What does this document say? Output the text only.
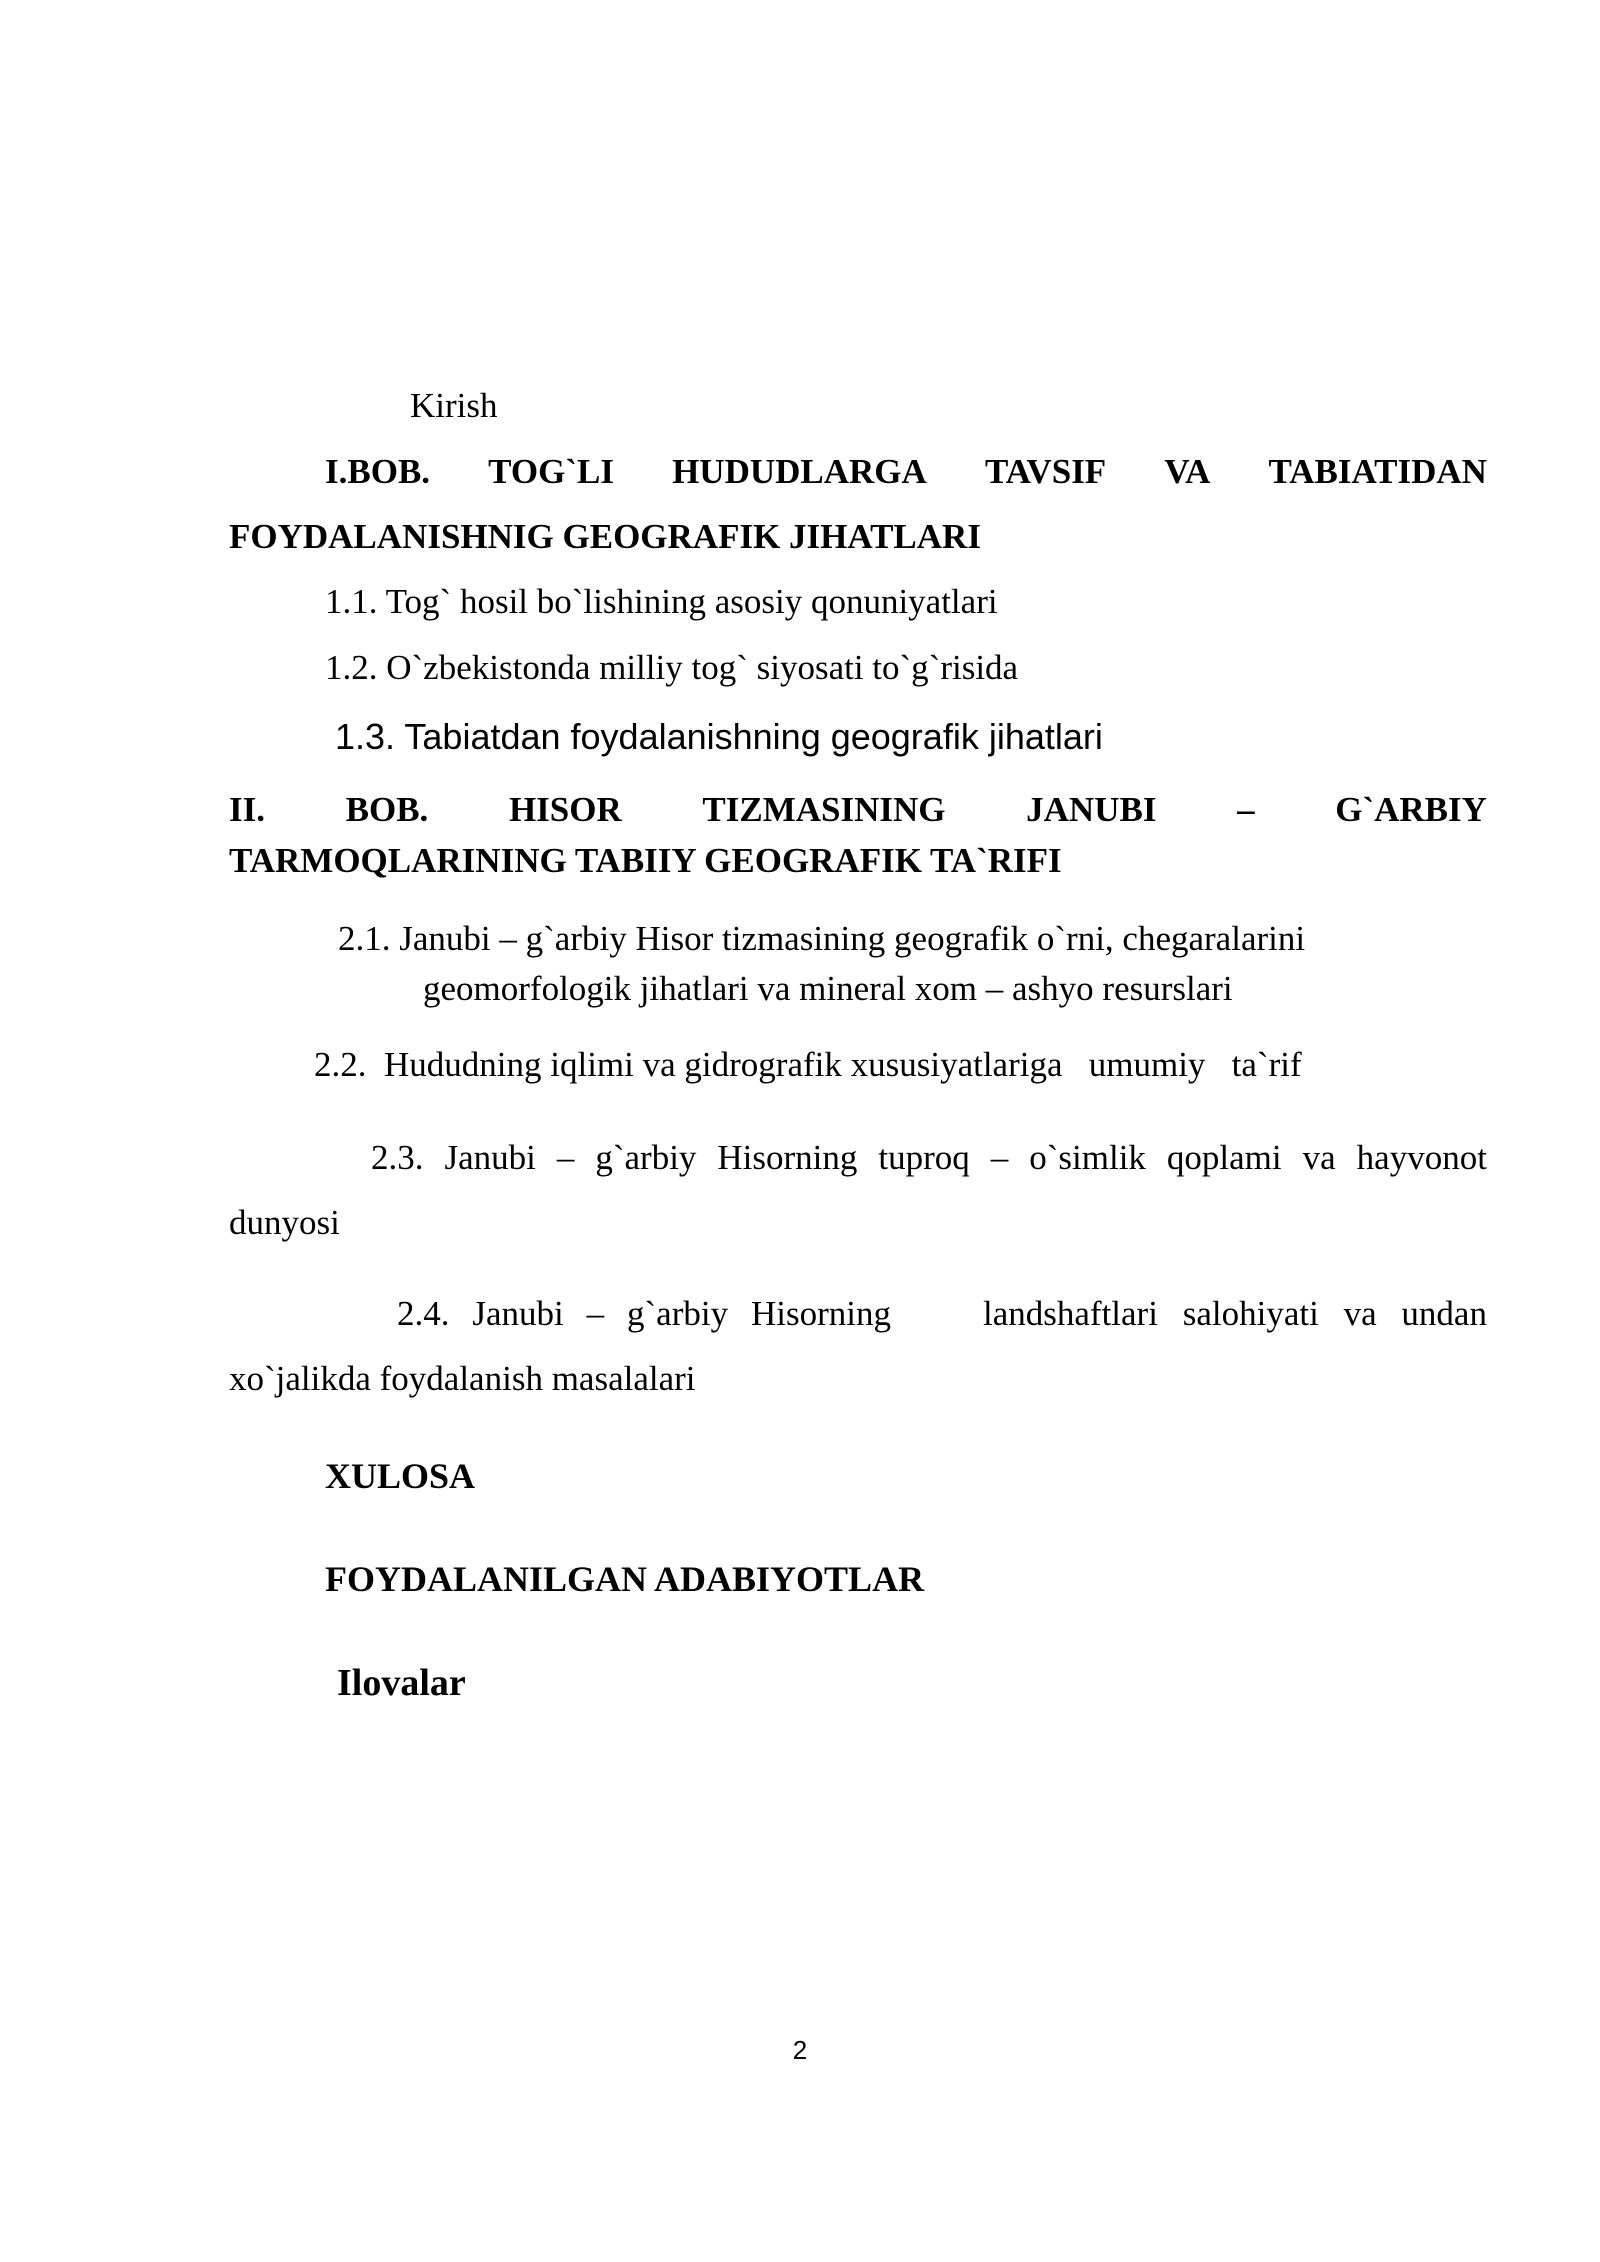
Kirish
I.BOB. TOG`LI HUDUDLARGA TAVSIF VA TABIATIDAN
FOYDALANISHNIG GEOGRAFIK JIHATLARI
1.1. Tog` hosil bo`lishining asosiy qonuniyatlari
1.2. O`zbekistonda milliy tog` siyosati to`g`risida
1.3. Tabiatdan foydalanishning geografik jihatlari
II. BOB. HISOR TIZMASINING JANUBI – G`ARBIY
TARMOQLARINING TABIIY GEOGRAFIK TA`RIFI
2.1. Janubi – g`arbiy Hisor tizmasining geografik o`rni, chegaralarini
geomorfologik jihatlari va mineral xom – ashyo resurslari
2.2.  Hududning iqlimi va gidrografik xususiyatlariga   umumiy   ta`rif
2.3. Janubi – g`arbiy Hisorning tuproq – o`simlik qoplami va hayvonot
dunyosi
2.4. Janubi – g`arbiy Hisorning	landshaftlari salohiyati va undan
xo`jalikda foydalanish masalalari
XULOSA
FOYDALANILGAN ADABIYOTLAR
Ilovalar
2
